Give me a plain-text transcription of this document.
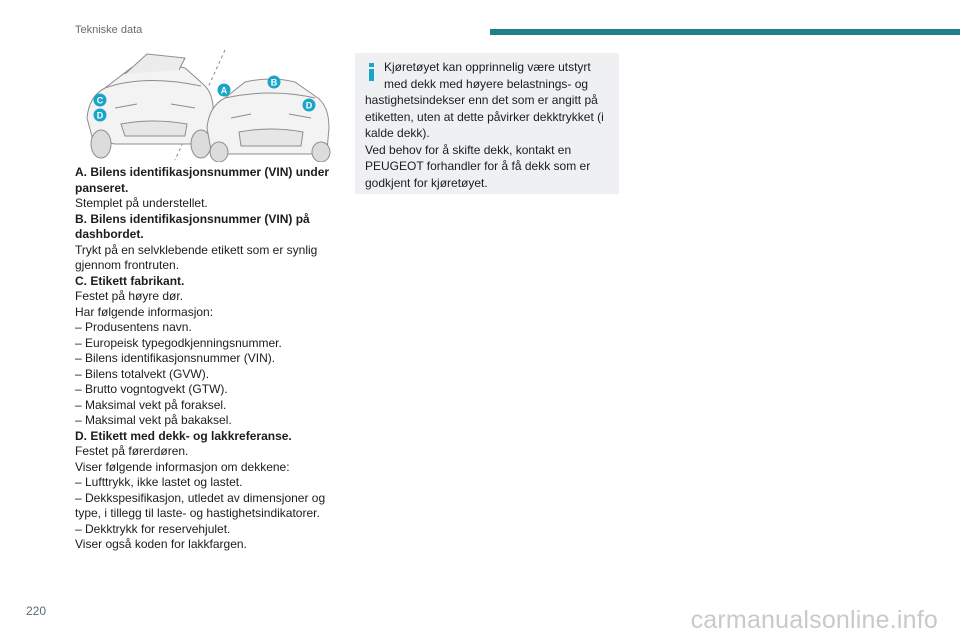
Tekniske data
A
B
C
D
D

A. Bilens identifikasjonsnummer (VIN) under

panseret.

Stemplet på understellet.

B. Bilens identifikasjonsnummer (VIN) på

dashbordet.

Trykt på en selvklebende etikett som er synlig

gjennom frontruten.

C. Etikett fabrikant.

Festet på høyre dør.

Har følgende informasjon:

– Produsentens navn.

– Europeisk typegodkjenningsnummer.

– Bilens identifikasjonsnummer (VIN).

– Bilens totalvekt (GVW).

– Brutto vogntogvekt (GTW).

– Maksimal vekt på foraksel.

– Maksimal vekt på bakaksel.

D. Etikett med dekk- og lakkreferanse.

Festet på førerdøren.

Viser følgende informasjon om dekkene:

– Lufttrykk, ikke lastet og lastet.

– Dekkspesifikasjon, utledet av dimensjoner og

type, i tillegg til laste- og hastighetsindikatorer.

– Dekktrykk for reservehjulet.

Viser også koden for lakkfargen.

Kjøretøyet kan opprinnelig være utstyrt

med dekk med høyere belastnings- og

hastighetsindekser enn det som er angitt på

etiketten, uten at dette påvirker dekktrykket (i

kalde dekk).

Ved behov for å skifte dekk, kontakt en

PEUGEOT forhandler for å få dekk som er

godkjent for kjøretøyet.

220	carmanualsonline.info
